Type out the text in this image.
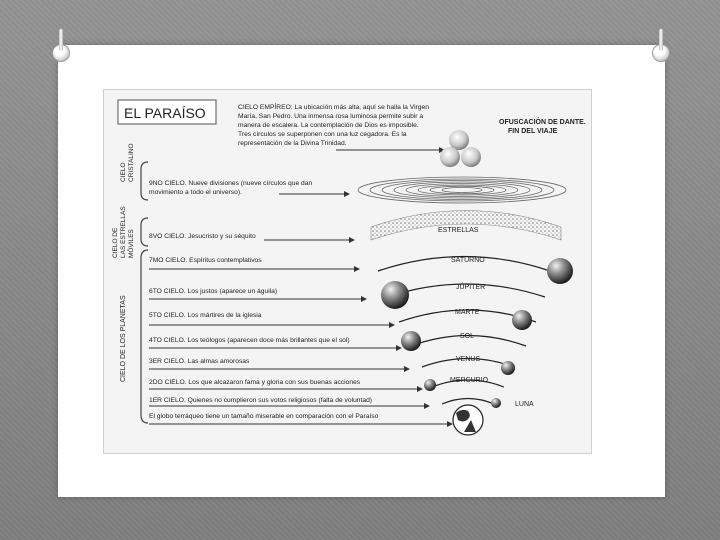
EL PARAÍSO
CIELO CRISTALINO
CIELO DE LAS ESTRELLAS MÓVILES
CIELO DE LOS PLANETAS
CIELO EMPÍREO: La ubicación más alta, aquí se halla la Virgen
María, San Pedro. Una inmensa rosa luminosa permite subir a
manera de escalera. La contemplación de Dios es imposible.
Tres círculos se superponen con una luz cegadora. Es la
representación de la Divina Trinidad.
OFUSCACIÓN DE DANTE.
FIN DEL VIAJE
9NO CIELO. Nueve divisiones (nueve círculos que dan
movimiento a todo el universo).
8VO CIELO. Jesucristo y su séquito
7MO CIELO. Espíritus contemplativos
6TO CIELO. Los justos (aparece un águila)
5TO CIELO. Los mártires de la iglesia
4TO CIELO. Los teólogos (aparecen doce más brillantes que el sol)
3ER CIELO. Las almas amorosas
2DO CIELO. Los que alcazaron fama y gloria con sus buenas acciones
1ER CIELO. Quienes no cumplieron sus votos religiosos (falta de voluntad)
El globo terráqueo tiene un tamaño miserable en comparación con el Paraíso
ESTRELLAS
SATURNO
JÚPITER
MARTE
SOL
VENUS
MERCURIO
LUNA
